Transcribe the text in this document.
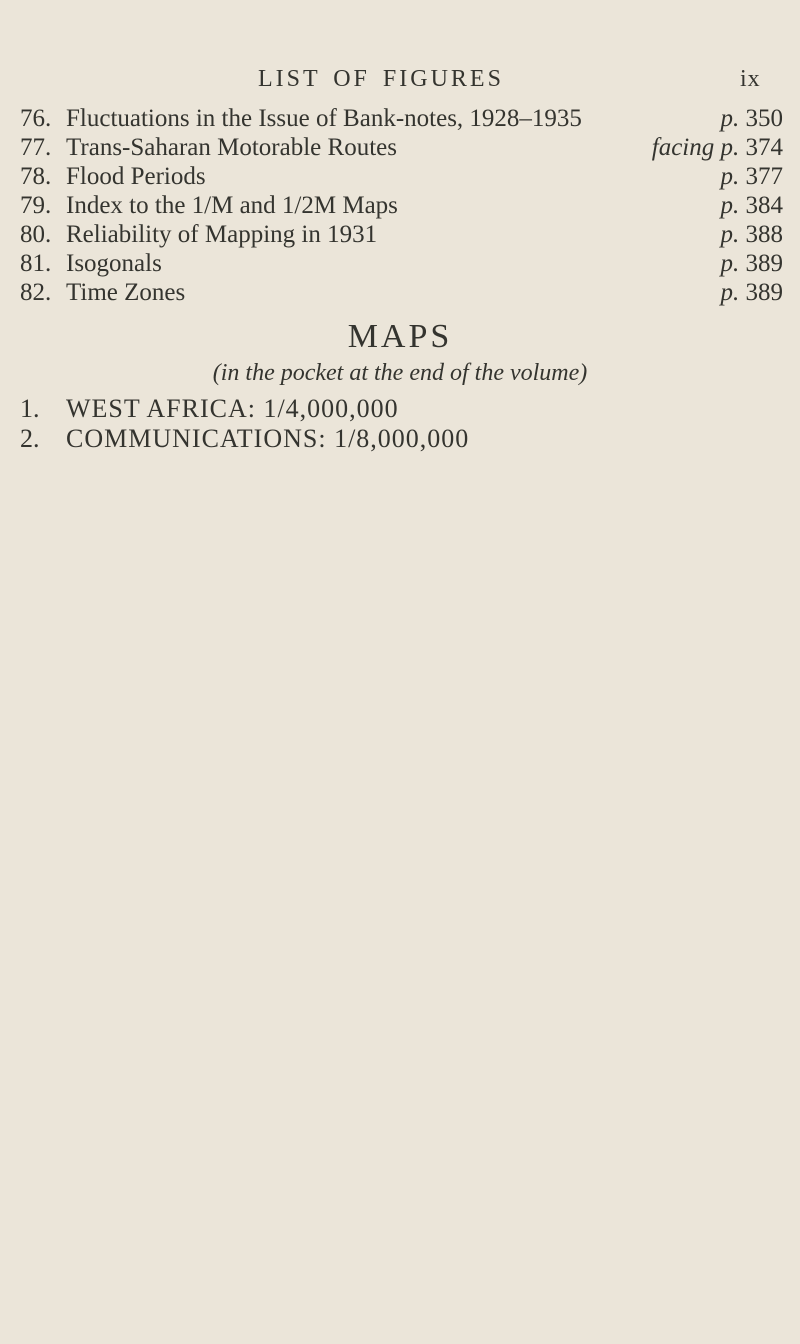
LIST OF FIGURES	ix
76. Fluctuations in the Issue of Bank-notes, 1928–1935	p. 350
77. Trans-Saharan Motorable Routes	facing p. 374
78. Flood Periods	p. 377
79. Index to the 1/M and 1/2M Maps	p. 384
80. Reliability of Mapping in 1931	p. 388
81. Isogonals	p. 389
82. Time Zones	p. 389
MAPS
(in the pocket at the end of the volume)
1. WEST AFRICA: 1/4,000,000
2. COMMUNICATIONS: 1/8,000,000
